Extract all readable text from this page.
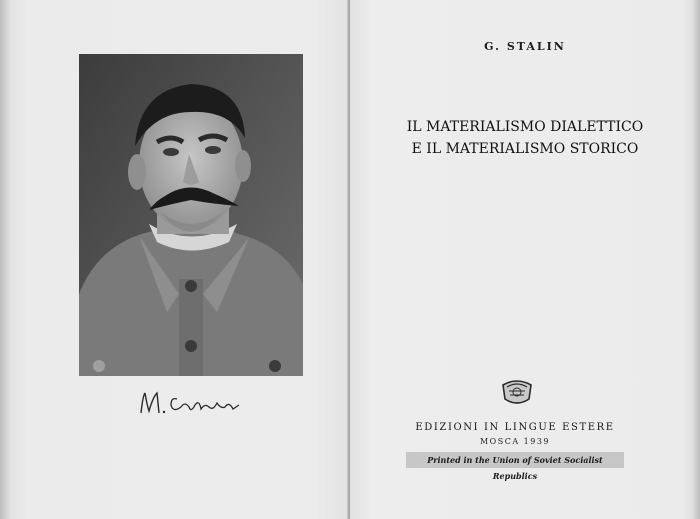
G. STALIN
IL MATERIALISMO DIALETTICO
E IL MATERIALISMO STORICO
EDIZIONI IN LINGUE ESTERE
MOSCA 1939
Printed in the Union of Soviet Socialist Republics
